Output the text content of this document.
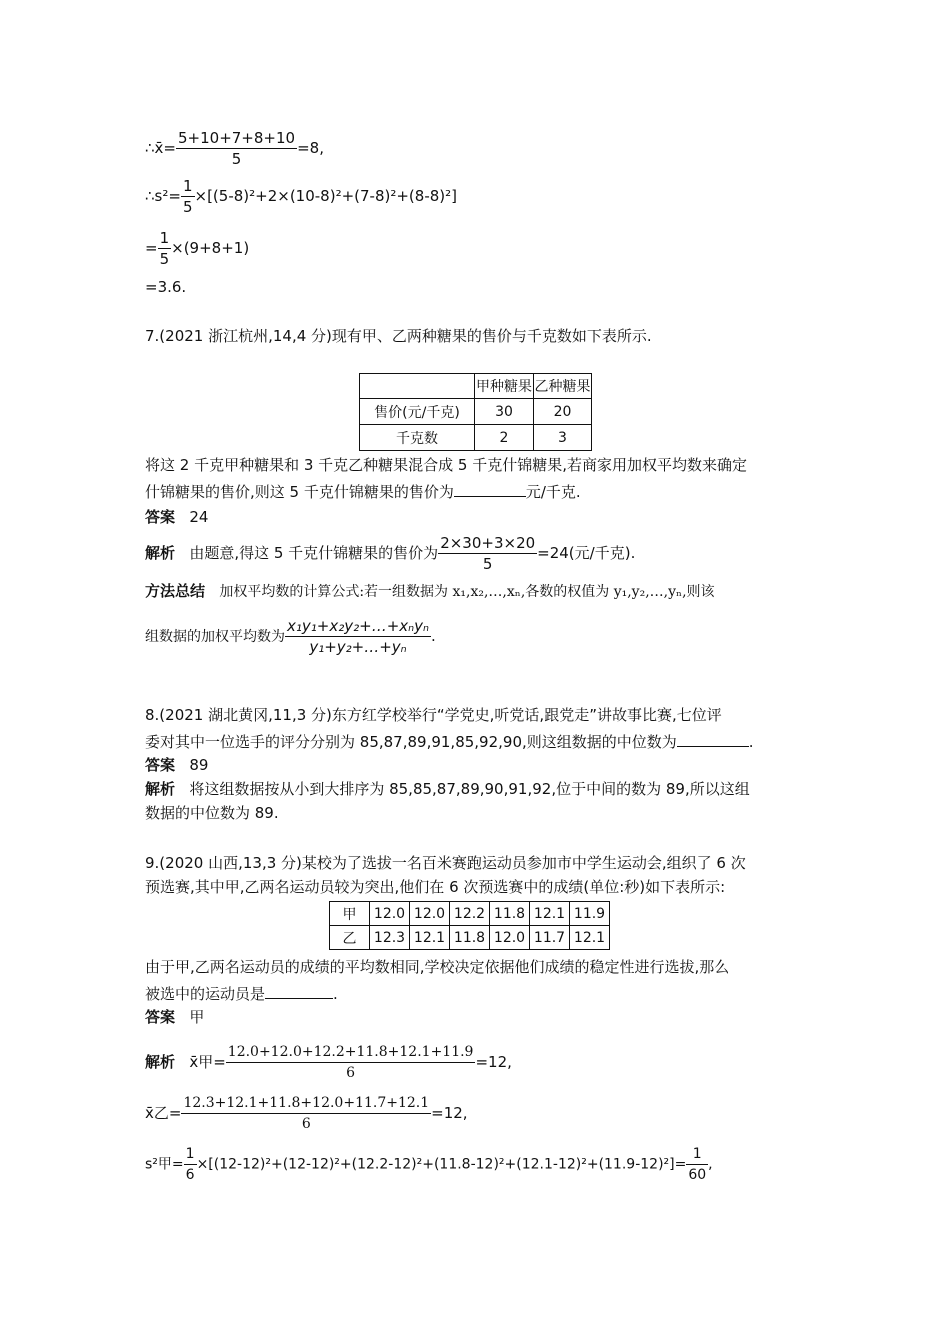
∴x̄= $\frac{5+10+7+8+10}{5} =8$,
∴s²= $\frac{1}{5} \times[(5-8)^2+2\times(10-8)^2+(7-8)^2+(8-8)^2]$
= $\frac{1}{5} \times(9+8+1)$
=3.6.
7.(2021 浙江杭州,14,4 分)现有甲、乙两种糖果的售价与千克数如下表所示.
	甲种糖果	乙种糖果
售价(元/千克)	30	20
千克数	2	3
将这 2 千克甲种糖果和 3 千克乙种糖果混合成 5 千克什锦糖果,若商家用加权平均数来确定
什锦糖果的售价,则这 5 千克什锦糖果的售价为	元/千克.
答案 24
解析 由题意,得这 5 千克什锦糖果的售价为 $\frac{2\times 30+3\times 20}{5} =24$(元/千克).
方法总结 加权平均数的计算公式:若一组数据为 x₁,x₂,…,xₙ,各数的权值为 y₁,y₂,…,yₙ,则该
组数据的加权平均数为 $\frac{\text{x₁y₁+x₂y₂+…+xₙyₙ}}{\text{y₁+y₂+…+yₙ}}$ .
8.(2021 湖北黄冈,11,3 分)东方红学校举行“学党史,听党话,跟党走”讲故事比赛,七位评
委对其中一位选手的评分分别为 85,87,89,91,85,92,90,则这组数据的中位数为	.
答案 89
解析 将这组数据按从小到大排序为 85,85,87,89,90,91,92,位于中间的数为 89,所以这组
数据的中位数为 89.
9.(2020 山西,13,3 分)某校为了选拔一名百米赛跑运动员参加市中学生运动会,组织了 6 次
预选赛,其中甲,乙两名运动员较为突出,他们在 6 次预选赛中的成绩(单位:秒)如下表所示:
甲	12.0	12.0	12.2	11.8	12.1	11.9
乙	12.3	12.1	11.8	12.0	11.7	12.1
由于甲,乙两名运动员的成绩的平均数相同,学校决定依据他们成绩的稳定性进行选拔,那么
被选中的运动员是	.
答案 甲
解析 x̄甲= $\frac{12.0+12.0+12.2+11.8+12.1+11.9}{6} =12$,
x̄乙= $\frac{12.3+12.1+11.8+12.0+11.7+12.1}{6} =12$,
s²甲= $\frac{1}{6} \times[(12-12)^2+(12-12)^2+(12.2-12)^2+(11.8-12)^2+(12.1-12)^2+(11.9-12)^2]= \frac{1}{60}$ ,
